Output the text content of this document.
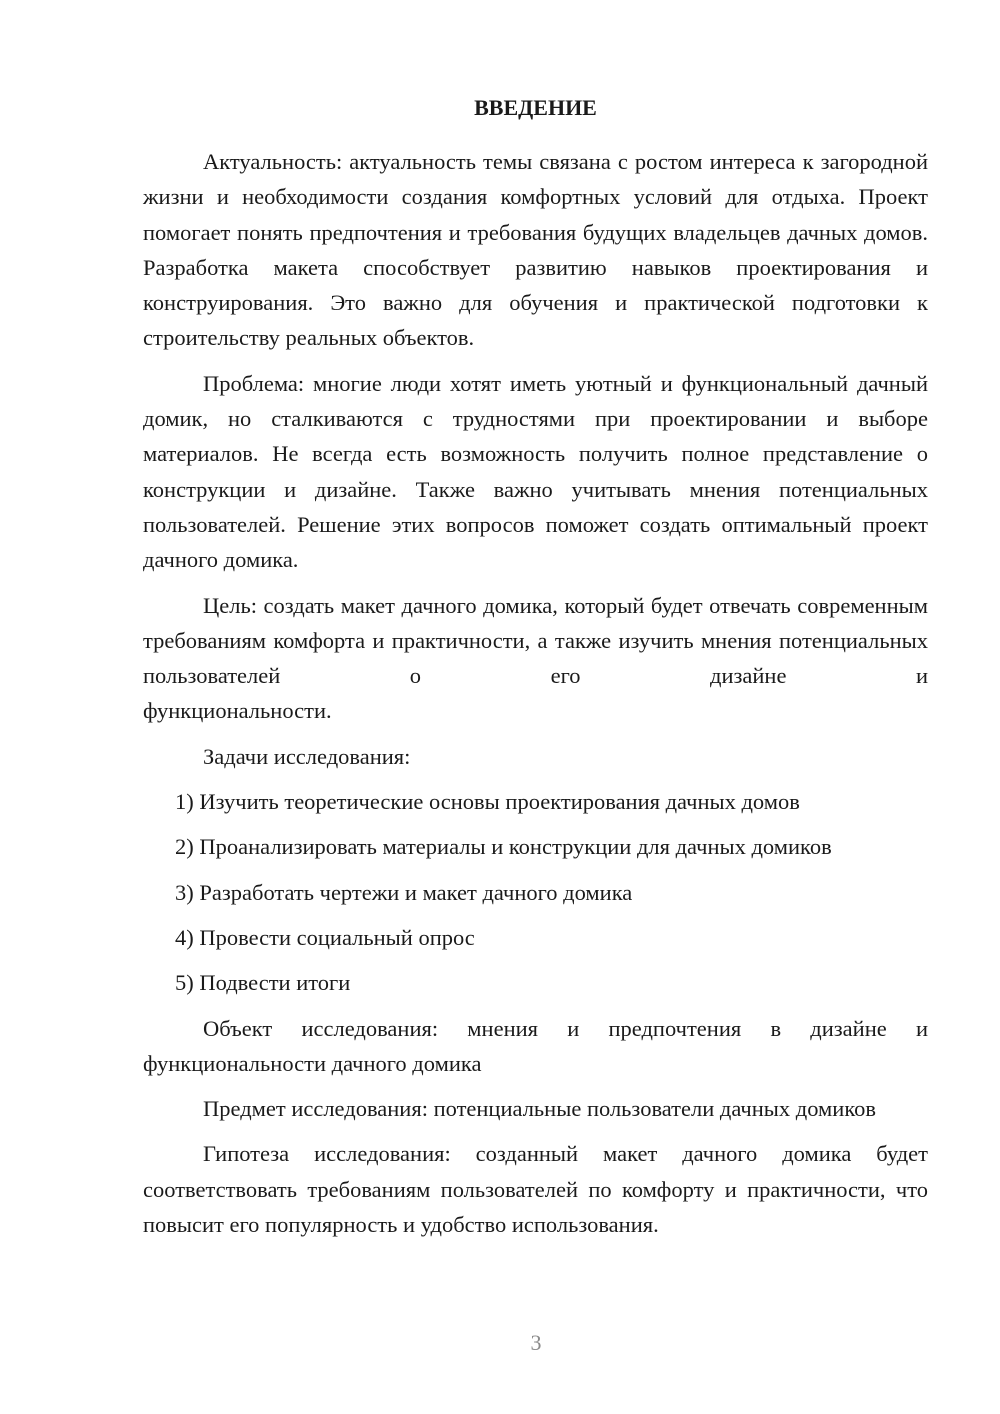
ВВЕДЕНИЕ

Актуальность: актуальность темы связана с ростом интереса к загородной жизни и необходимости создания комфортных условий для отдыха. Проект помогает понять предпочтения и требования будущих владельцев дачных домов. Разработка макета способствует развитию навыков проектирования и конструирования. Это важно для обучения и практической подготовки к строительству реальных объектов.

Проблема: многие люди хотят иметь уютный и функциональный дачный домик, но сталкиваются с трудностями при проектировании и выборе материалов. Не всегда есть возможность получить полное представление о конструкции и дизайне. Также важно учитывать мнения потенциальных пользователей. Решение этих вопросов поможет создать оптимальный проект дачного домика.

Цель: создать макет дачного домика, который будет отвечать современным требованиям комфорта и практичности, а также изучить мнения потенциальных пользователей о его дизайне и

функциональности.

Задачи исследования:

1) Изучить теоретические основы проектирования дачных домов

2) Проанализировать материалы и конструкции для дачных домиков

3) Разработать чертежи и макет дачного домика

4) Провести социальный опрос

5) Подвести итоги

Объект исследования: мнения и предпочтения в дизайне и функциональности дачного домика

Предмет исследования: потенциальные пользователи дачных домиков

Гипотеза исследования: созданный макет дачного домика будет соответствовать требованиям пользователей по комфорту и практичности, что повысит его популярность и удобство использования.

3
